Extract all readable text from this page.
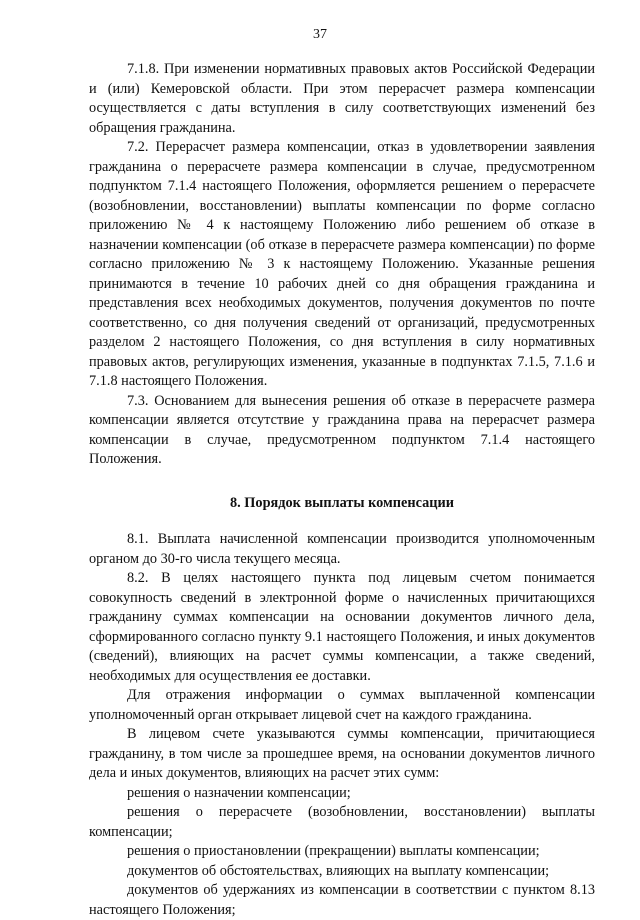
37

7.1.8. При изменении нормативных правовых актов Российской Федерации и (или) Кемеровской области. При этом перерасчет размера компенсации осуществляется с даты вступления в силу соответствующих изменений без обращения гражданина.

7.2. Перерасчет размера компенсации, отказ в удовлетворении заявления гражданина о перерасчете размера компенсации в случае, предусмотренном подпунктом 7.1.4 настоящего Положения, оформляется решением о перерасчете (возобновлении, восстановлении) выплаты компенсации по форме согласно приложению № 4 к настоящему Положению либо решением об отказе в назначении компенсации (об отказе в перерасчете размера компенсации) по форме согласно приложению № 3 к настоящему Положению. Указанные решения принимаются в течение 10 рабочих дней со дня обращения гражданина и представления всех необходимых документов, получения документов по почте соответственно, со дня получения сведений от организаций, предусмотренных разделом 2 настоящего Положения, со дня вступления в силу нормативных правовых актов, регулирующих изменения, указанные в подпунктах 7.1.5, 7.1.6 и 7.1.8 настоящего Положения.

7.3. Основанием для вынесения решения об отказе в перерасчете размера компенсации является отсутствие у гражданина права на перерасчет размера компенсации в случае, предусмотренном подпунктом 7.1.4 настоящего Положения.

8. Порядок выплаты компенсации

8.1. Выплата начисленной компенсации производится уполномоченным органом до 30-го числа текущего месяца.

8.2. В целях настоящего пункта под лицевым счетом понимается совокупность сведений в электронной форме о начисленных причитающихся гражданину суммах компенсации на основании документов личного дела, сформированного согласно пункту 9.1 настоящего Положения, и иных документов (сведений), влияющих на расчет суммы компенсации, а также сведений, необходимых для осуществления ее доставки.

Для отражения информации о суммах выплаченной компенсации уполномоченный орган открывает лицевой счет на каждого гражданина.

В лицевом счете указываются суммы компенсации, причитающиеся гражданину, в том числе за прошедшее время, на основании документов личного дела и иных документов, влияющих на расчет этих сумм:

решения о назначении компенсации;

решения о перерасчете (возобновлении, восстановлении) выплаты компенсации;

решения о приостановлении (прекращении) выплаты компенсации;

документов об обстоятельствах, влияющих на выплату компенсации;

документов об удержаниях из компенсации в соответствии с пунктом 8.13 настоящего Положения;
